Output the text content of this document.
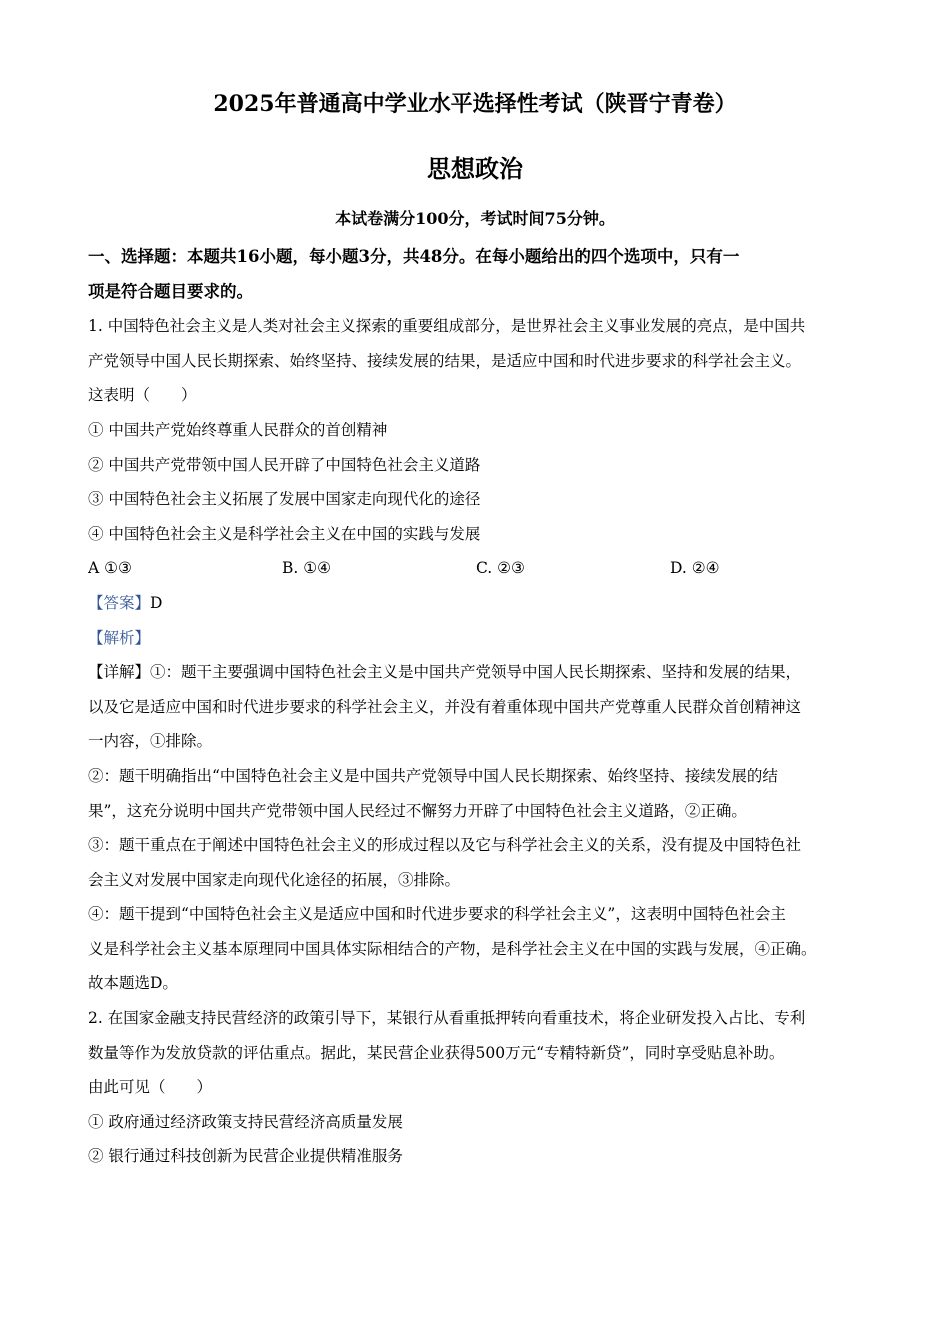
2025年普通高中学业水平选择性考试（陕晋宁青卷）
思想政治
本试卷满分100分，考试时间75分钟。
一、选择题：本题共16小题，每小题3分，共48分。在每小题给出的四个选项中，只有一
项是符合题目要求的。
1. 中国特色社会主义是人类对社会主义探索的重要组成部分，是世界社会主义事业发展的亮点，是中国共
产党领导中国人民长期探索、始终坚持、接续发展的结果，是适应中国和时代进步要求的科学社会主义。
这表明（　　）
① 中国共产党始终尊重人民群众的首创精神
② 中国共产党带领中国人民开辟了中国特色社会主义道路
③ 中国特色社会主义拓展了发展中国家走向现代化的途径
④ 中国特色社会主义是科学社会主义在中国的实践与发展
A ①③	B. ①④	C. ②③	D. ②④
【答案】D
【解析】
【详解】①：题干主要强调中国特色社会主义是中国共产党领导中国人民长期探索、坚持和发展的结果，
以及它是适应中国和时代进步要求的科学社会主义，并没有着重体现中国共产党尊重人民群众首创精神这
一内容，①排除。
②：题干明确指出“中国特色社会主义是中国共产党领导中国人民长期探索、始终坚持、接续发展的结
果”，这充分说明中国共产党带领中国人民经过不懈努力开辟了中国特色社会主义道路，②正确。
③：题干重点在于阐述中国特色社会主义的形成过程以及它与科学社会主义的关系，没有提及中国特色社
会主义对发展中国家走向现代化途径的拓展，③排除。
④：题干提到“中国特色社会主义是适应中国和时代进步要求的科学社会主义”，这表明中国特色社会主
义是科学社会主义基本原理同中国具体实际相结合的产物，是科学社会主义在中国的实践与发展，④正确。
故本题选D。
2. 在国家金融支持民营经济的政策引导下，某银行从看重抵押转向看重技术，将企业研发投入占比、专利
数量等作为发放贷款的评估重点。据此，某民营企业获得500万元“专精特新贷”，同时享受贴息补助。
由此可见（　　）
① 政府通过经济政策支持民营经济高质量发展
② 银行通过科技创新为民营企业提供精准服务
